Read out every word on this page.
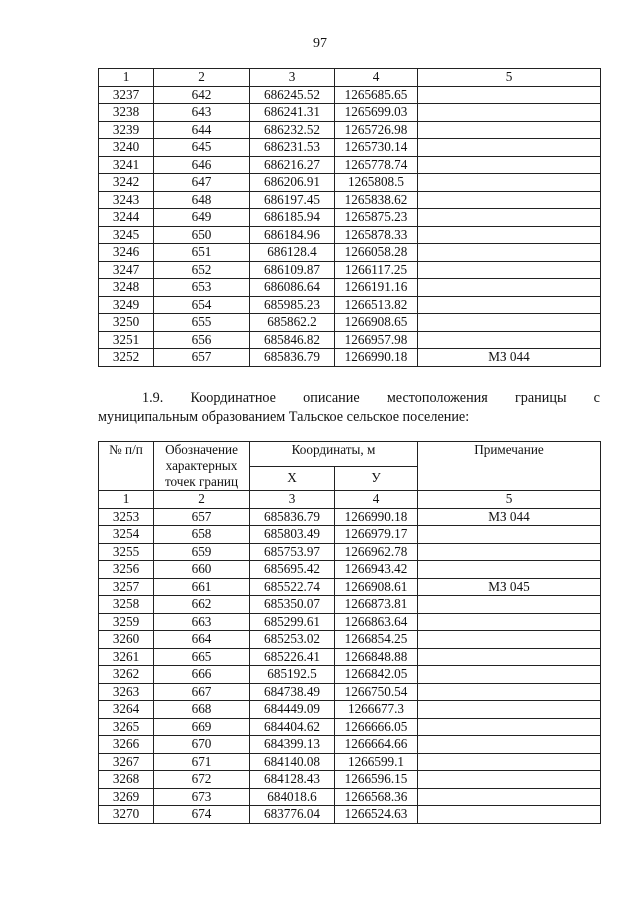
97
1	2	3	4	5
3237	642	686245.52	1265685.65	
3238	643	686241.31	1265699.03	
3239	644	686232.52	1265726.98	
3240	645	686231.53	1265730.14	
3241	646	686216.27	1265778.74	
3242	647	686206.91	1265808.5	
3243	648	686197.45	1265838.62	
3244	649	686185.94	1265875.23	
3245	650	686184.96	1265878.33	
3246	651	686128.4	1266058.28	
3247	652	686109.87	1266117.25	
3248	653	686086.64	1266191.16	
3249	654	685985.23	1266513.82	
3250	655	685862.2	1266908.65	
3251	656	685846.82	1266957.98	
3252	657	685836.79	1266990.18	МЗ 044
1.9. Координатное описание местоположения границы с
муниципальным образованием Тальское сельское поселение:
№ п/п	Обозначение характерных точек границ	Координаты, м		Примечание
		X	У	
1	2	3	4	5
3253	657	685836.79	1266990.18	МЗ 044
3254	658	685803.49	1266979.17	
3255	659	685753.97	1266962.78	
3256	660	685695.42	1266943.42	
3257	661	685522.74	1266908.61	МЗ 045
3258	662	685350.07	1266873.81	
3259	663	685299.61	1266863.64	
3260	664	685253.02	1266854.25	
3261	665	685226.41	1266848.88	
3262	666	685192.5	1266842.05	
3263	667	684738.49	1266750.54	
3264	668	684449.09	1266677.3	
3265	669	684404.62	1266666.05	
3266	670	684399.13	1266664.66	
3267	671	684140.08	1266599.1	
3268	672	684128.43	1266596.15	
3269	673	684018.6	1266568.36	
3270	674	683776.04	1266524.63	
